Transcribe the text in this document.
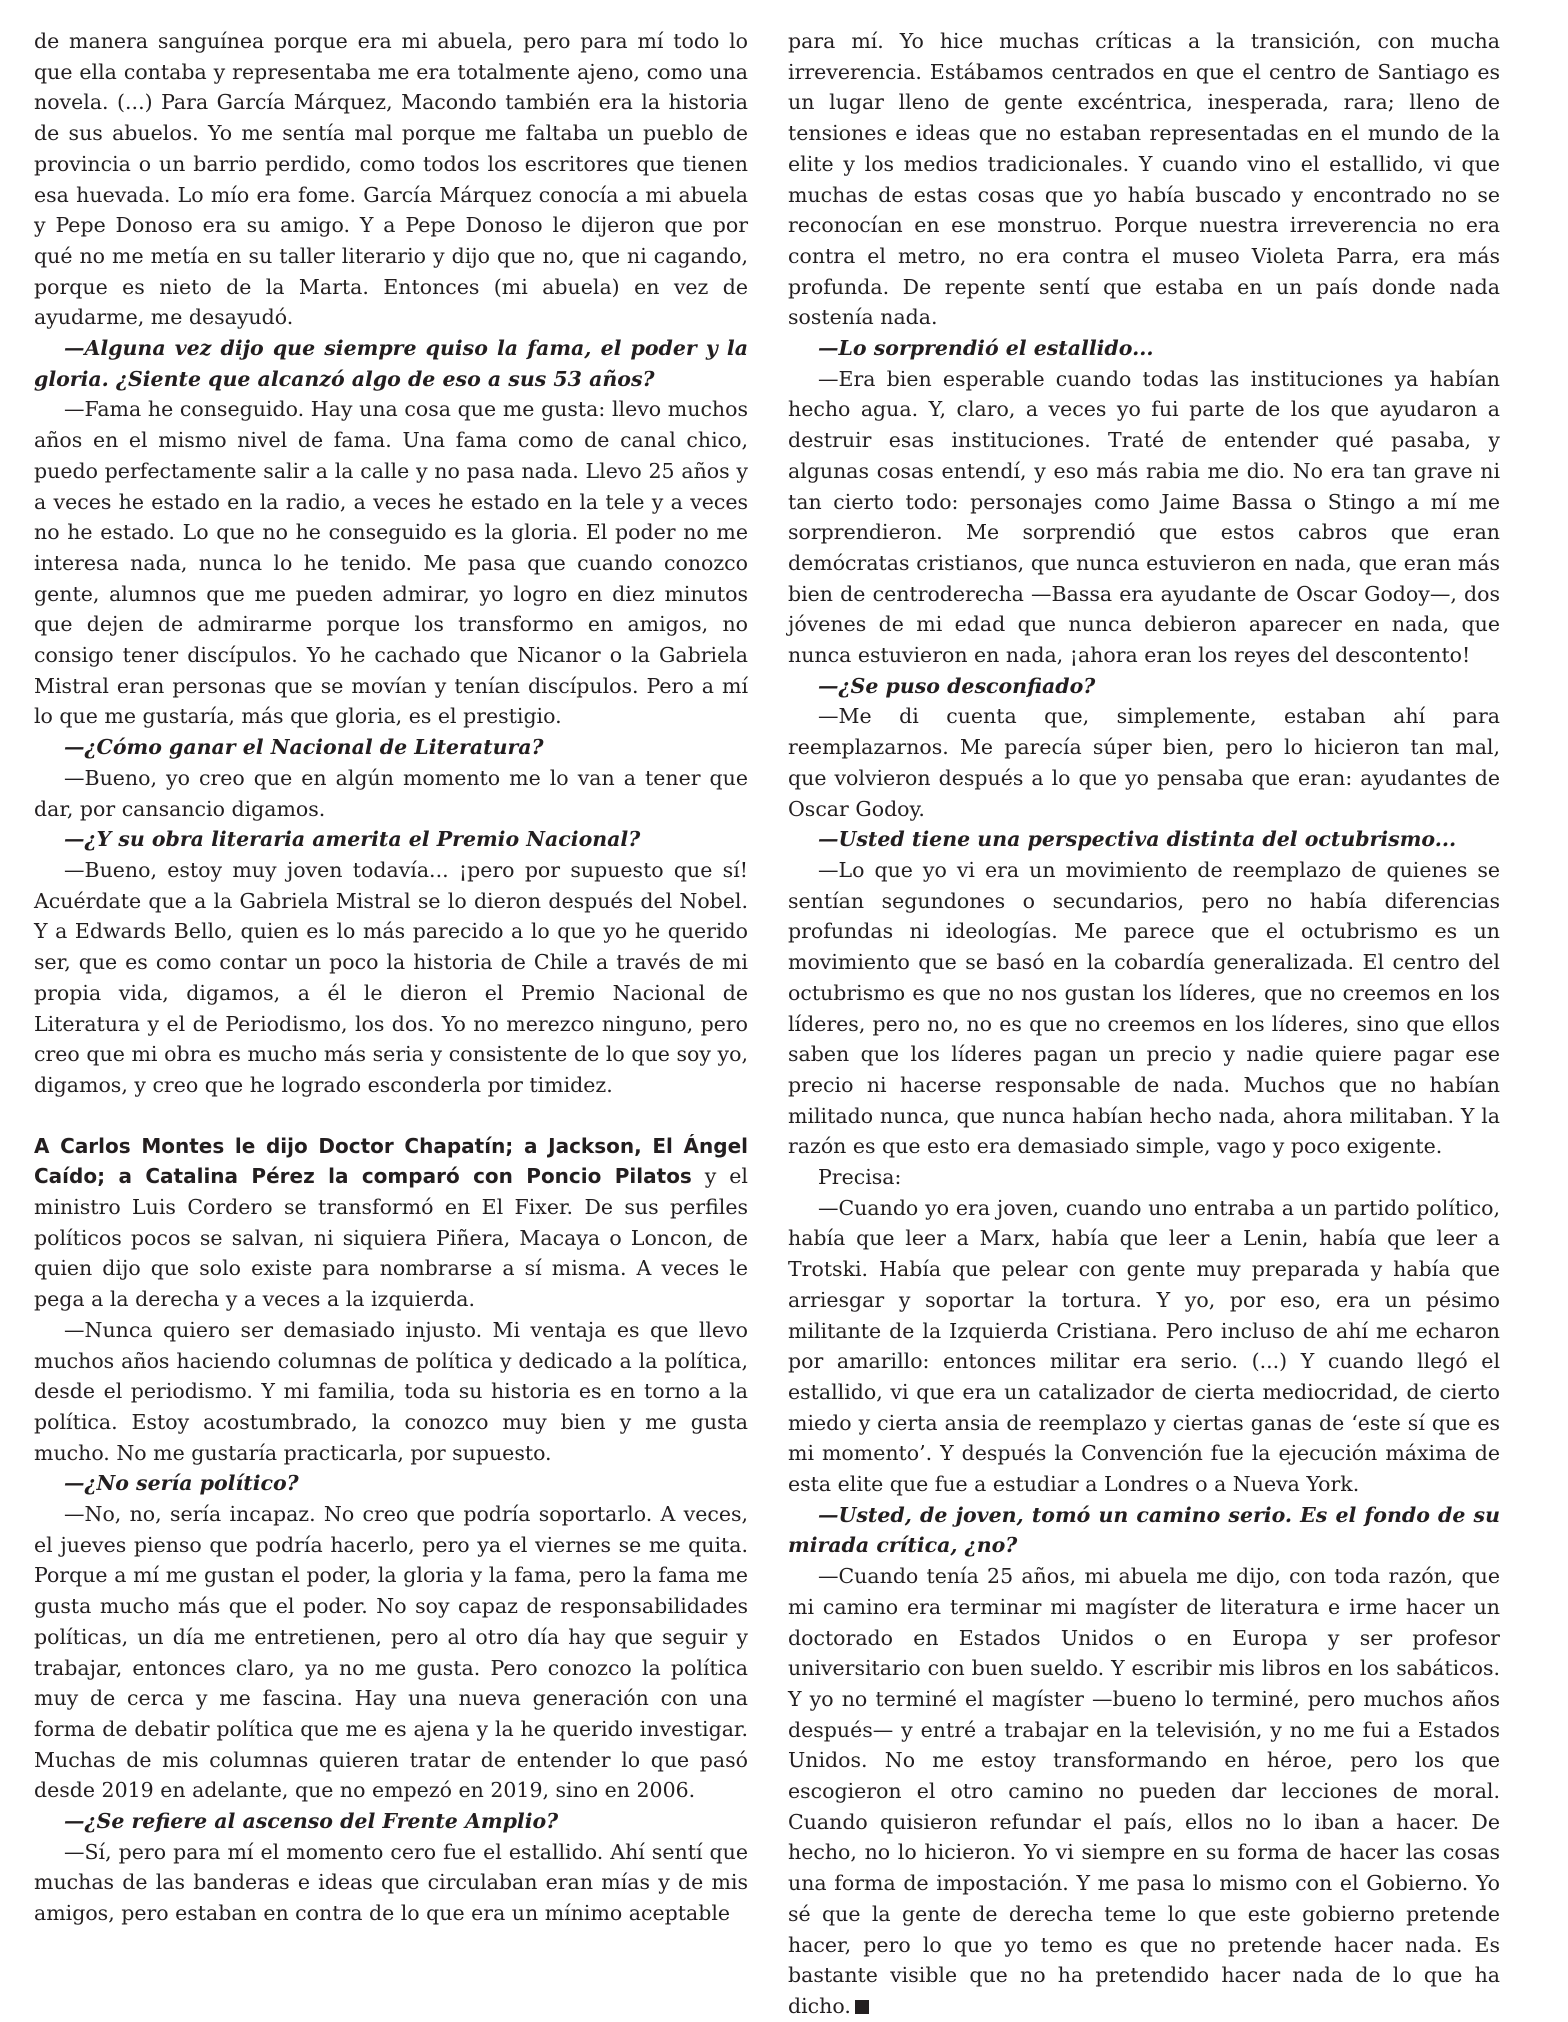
de manera sanguínea porque era mi abuela, pero para mí todo lo que ella contaba y representaba me era totalmente ajeno, como una novela. (...) Para García Márquez, Macondo también era la historia de sus abuelos. Yo me sentía mal porque me faltaba un pueblo de provincia o un barrio perdido, como todos los escritores que tienen esa huevada. Lo mío era fome. García Márquez conocía a mi abuela y Pepe Donoso era su amigo. Y a Pepe Donoso le dijeron que por qué no me metía en su taller literario y dijo que no, que ni cagando, porque es nieto de la Marta. Entonces (mi abuela) en vez de ayudarme, me desayudó.

—Alguna vez dijo que siempre quiso la fama, el poder y la gloria. ¿Siente que alcanzó algo de eso a sus 53 años?

—Fama he conseguido. Hay una cosa que me gusta: llevo muchos años en el mismo nivel de fama. Una fama como de canal chico, puedo perfectamente salir a la calle y no pasa nada. Llevo 25 años y a veces he estado en la radio, a veces he estado en la tele y a veces no he estado. Lo que no he conseguido es la gloria. El poder no me interesa nada, nunca lo he tenido. Me pasa que cuando conozco gente, alumnos que me pueden admirar, yo logro en diez minutos que dejen de admirarme porque los transformo en amigos, no consigo tener discípulos. Yo he cachado que Nicanor o la Gabriela Mistral eran personas que se movían y tenían discípulos. Pero a mí lo que me gustaría, más que gloria, es el prestigio.

—¿Cómo ganar el Nacional de Literatura?

—Bueno, yo creo que en algún momento me lo van a tener que dar, por cansancio digamos.

—¿Y su obra literaria amerita el Premio Nacional?

—Bueno, estoy muy joven todavía... ¡pero por supuesto que sí! Acuérdate que a la Gabriela Mistral se lo dieron después del Nobel. Y a Edwards Bello, quien es lo más parecido a lo que yo he querido ser, que es como contar un poco la historia de Chile a través de mi propia vida, digamos, a él le dieron el Premio Nacional de Literatura y el de Periodismo, los dos. Yo no merezco ninguno, pero creo que mi obra es mucho más seria y consistente de lo que soy yo, digamos, y creo que he logrado esconderla por timidez.

A Carlos Montes le dijo Doctor Chapatín; a Jackson, El Ángel Caído; a Catalina Pérez la comparó con Poncio Pilatos y el ministro Luis Cordero se transformó en El Fixer. De sus perfiles políticos pocos se salvan, ni siquiera Piñera, Macaya o Loncon, de quien dijo que solo existe para nombrarse a sí misma. A veces le pega a la derecha y a veces a la izquierda.

—Nunca quiero ser demasiado injusto. Mi ventaja es que llevo muchos años haciendo columnas de política y dedicado a la política, desde el periodismo. Y mi familia, toda su historia es en torno a la política. Estoy acostumbrado, la conozco muy bien y me gusta mucho. No me gustaría practicarla, por supuesto.

—¿No sería político?

—No, no, sería incapaz. No creo que podría soportarlo. A veces, el jueves pienso que podría hacerlo, pero ya el viernes se me quita. Porque a mí me gustan el poder, la gloria y la fama, pero la fama me gusta mucho más que el poder. No soy capaz de responsabilidades políticas, un día me entretienen, pero al otro día hay que seguir y trabajar, entonces claro, ya no me gusta. Pero conozco la política muy de cerca y me fascina. Hay una nueva generación con una forma de debatir política que me es ajena y la he querido investigar. Muchas de mis columnas quieren tratar de entender lo que pasó desde 2019 en adelante, que no empezó en 2019, sino en 2006.

—¿Se refiere al ascenso del Frente Amplio?

—Sí, pero para mí el momento cero fue el estallido. Ahí sentí que muchas de las banderas e ideas que circulaban eran mías y de mis amigos, pero estaban en contra de lo que era un mínimo aceptable

para mí. Yo hice muchas críticas a la transición, con mucha irreverencia. Estábamos centrados en que el centro de Santiago es un lugar lleno de gente excéntrica, inesperada, rara; lleno de tensiones e ideas que no estaban representadas en el mundo de la elite y los medios tradicionales. Y cuando vino el estallido, vi que muchas de estas cosas que yo había buscado y encontrado no se reconocían en ese monstruo. Porque nuestra irreverencia no era contra el metro, no era contra el museo Violeta Parra, era más profunda. De repente sentí que estaba en un país donde nada sostenía nada.

—Lo sorprendió el estallido...

—Era bien esperable cuando todas las instituciones ya habían hecho agua. Y, claro, a veces yo fui parte de los que ayudaron a destruir esas instituciones. Traté de entender qué pasaba, y algunas cosas entendí, y eso más rabia me dio. No era tan grave ni tan cierto todo: personajes como Jaime Bassa o Stingo a mí me sorprendieron. Me sorprendió que estos cabros que eran demócratas cristianos, que nunca estuvieron en nada, que eran más bien de centroderecha —Bassa era ayudante de Oscar Godoy—, dos jóvenes de mi edad que nunca debieron aparecer en nada, que nunca estuvieron en nada, ¡ahora eran los reyes del descontento!

—¿Se puso desconfiado?

—Me di cuenta que, simplemente, estaban ahí para reemplazarnos. Me parecía súper bien, pero lo hicieron tan mal, que volvieron después a lo que yo pensaba que eran: ayudantes de Oscar Godoy.

—Usted tiene una perspectiva distinta del octubrismo...

—Lo que yo vi era un movimiento de reemplazo de quienes se sentían segundones o secundarios, pero no había diferencias profundas ni ideologías. Me parece que el octubrismo es un movimiento que se basó en la cobardía generalizada. El centro del octubrismo es que no nos gustan los líderes, que no creemos en los líderes, pero no, no es que no creemos en los líderes, sino que ellos saben que los líderes pagan un precio y nadie quiere pagar ese precio ni hacerse responsable de nada. Muchos que no habían militado nunca, que nunca habían hecho nada, ahora militaban. Y la razón es que esto era demasiado simple, vago y poco exigente.

Precisa:

—Cuando yo era joven, cuando uno entraba a un partido político, había que leer a Marx, había que leer a Lenin, había que leer a Trotski. Había que pelear con gente muy preparada y había que arriesgar y soportar la tortura. Y yo, por eso, era un pésimo militante de la Izquierda Cristiana. Pero incluso de ahí me echaron por amarillo: entonces militar era serio. (...) Y cuando llegó el estallido, vi que era un catalizador de cierta mediocridad, de cierto miedo y cierta ansia de reemplazo y ciertas ganas de ‘este sí que es mi momento’. Y después la Convención fue la ejecución máxima de esta elite que fue a estudiar a Londres o a Nueva York.

—Usted, de joven, tomó un camino serio. Es el fondo de su mirada crítica, ¿no?

—Cuando tenía 25 años, mi abuela me dijo, con toda razón, que mi camino era terminar mi magíster de literatura e irme hacer un doctorado en Estados Unidos o en Europa y ser profesor universitario con buen sueldo. Y escribir mis libros en los sabáticos. Y yo no terminé el magíster —bueno lo terminé, pero muchos años después— y entré a trabajar en la televisión, y no me fui a Estados Unidos. No me estoy transformando en héroe, pero los que escogieron el otro camino no pueden dar lecciones de moral. Cuando quisieron refundar el país, ellos no lo iban a hacer. De hecho, no lo hicieron. Yo vi siempre en su forma de hacer las cosas una forma de impostación. Y me pasa lo mismo con el Gobierno. Yo sé que la gente de derecha teme lo que este gobierno pretende hacer, pero lo que yo temo es que no pretende hacer nada. Es bastante visible que no ha pretendido hacer nada de lo que ha dicho.
